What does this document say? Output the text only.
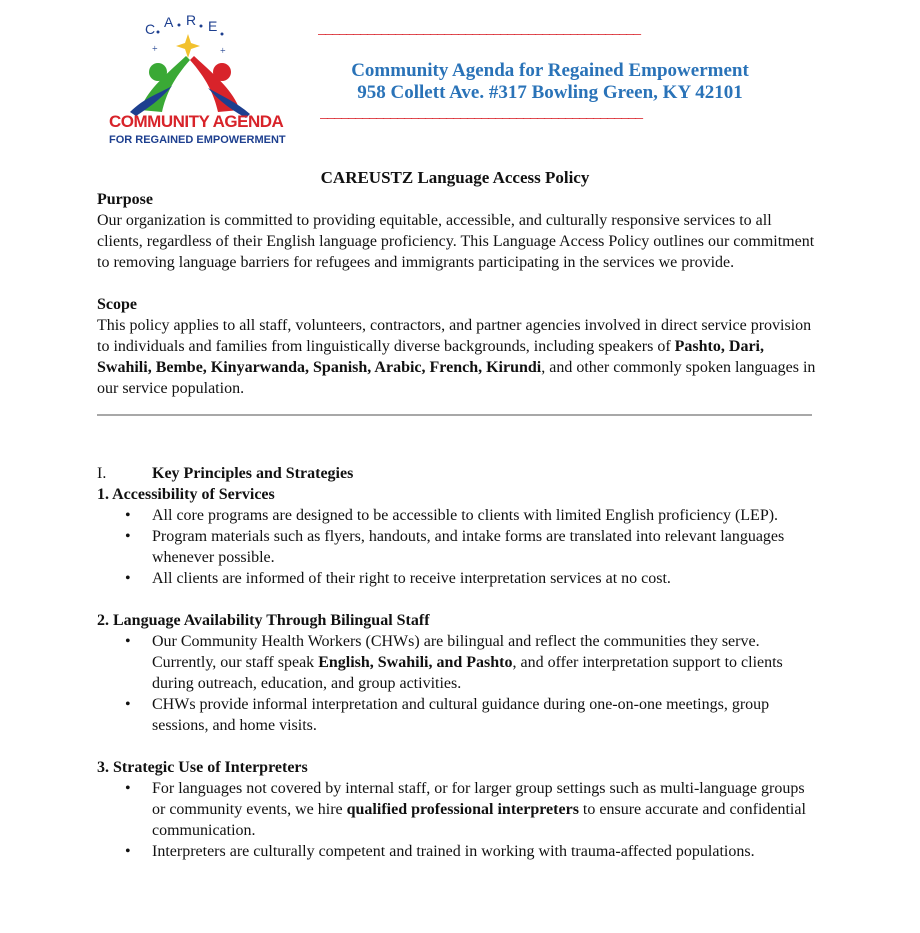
C A R E
+	+
COMMUNITY AGENDA
FOR REGAINED EMPOWERMENT
______________________________________________
Community Agenda for Regained Empowerment
958 Collett Ave. #317 Bowling Green, KY 42101
______________________________________________
CAREUSTZ Language Access Policy

Purpose

Our organization is committed to providing equitable, accessible, and culturally responsive services to all clients, regardless of their English language proficiency. This Language Access Policy outlines our commitment to removing language barriers for refugees and immigrants participating in the services we provide.

Scope

This policy applies to all staff, volunteers, contractors, and partner agencies involved in direct service provision to individuals and families from linguistically diverse backgrounds, including speakers of Pashto, Dari, Swahili, Bembe, Kinyarwanda, Spanish, Arabic, French, Kirundi, and other commonly spoken languages in our service population.

I.	Key Principles and Strategies

1. Accessibility of Services

• All core programs are designed to be accessible to clients with limited English proficiency (LEP).
• Program materials such as flyers, handouts, and intake forms are translated into relevant languages whenever possible.
• All clients are informed of their right to receive interpretation services at no cost.

2. Language Availability Through Bilingual Staff

• Our Community Health Workers (CHWs) are bilingual and reflect the communities they serve. Currently, our staff speak English, Swahili, and Pashto, and offer interpretation support to clients during outreach, education, and group activities.
• CHWs provide informal interpretation and cultural guidance during one-on-one meetings, group sessions, and home visits.

3. Strategic Use of Interpreters

• For languages not covered by internal staff, or for larger group settings such as multi-language groups or community events, we hire qualified professional interpreters to ensure accurate and confidential communication.
• Interpreters are culturally competent and trained in working with trauma-affected populations.
